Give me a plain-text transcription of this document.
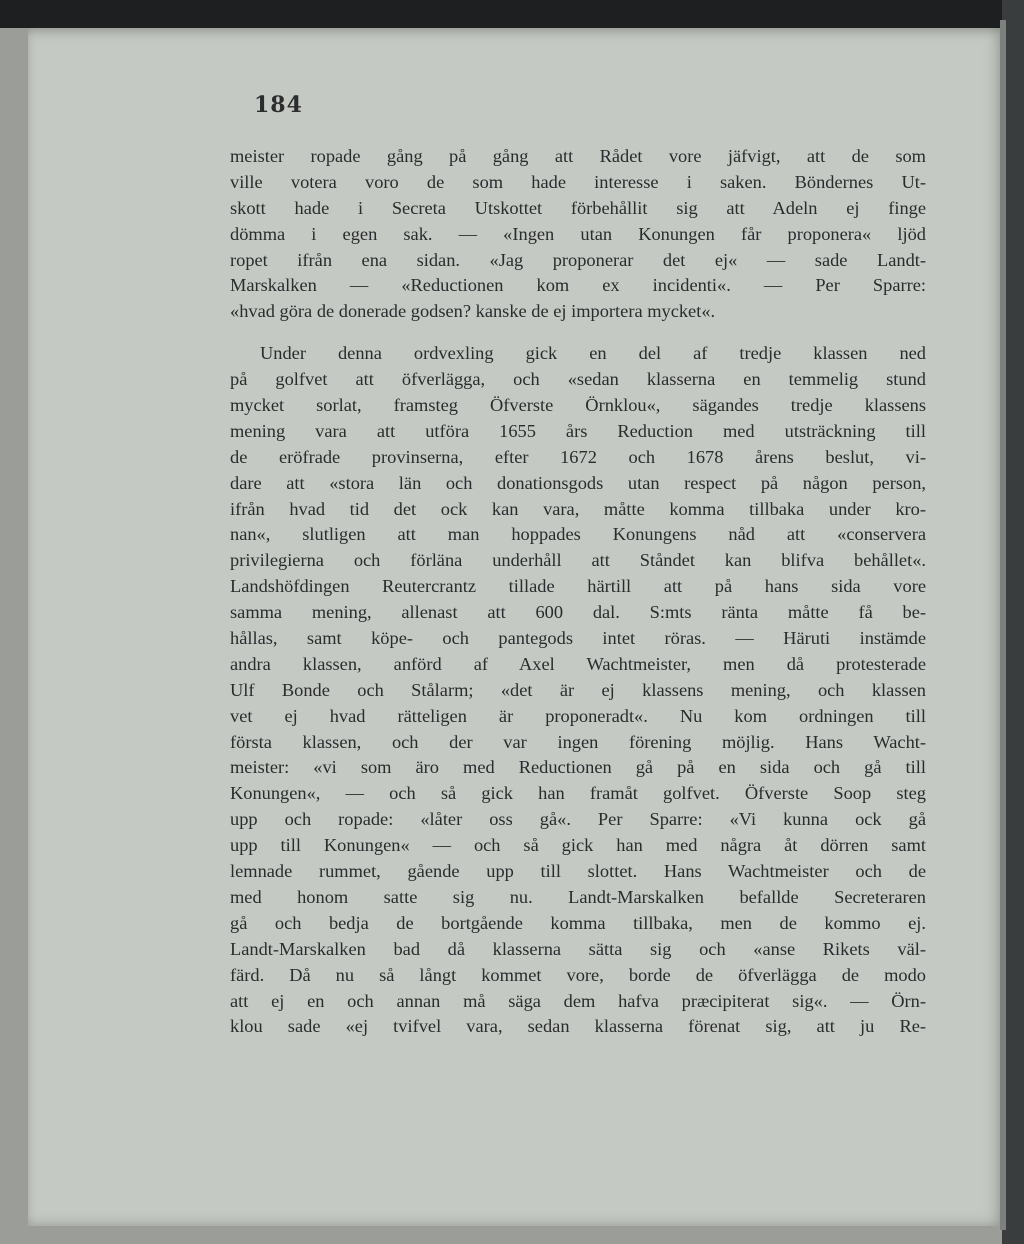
184
meister ropade gång på gång att Rådet vore jäfvigt, att de som
ville votera voro de som hade interesse i saken. Böndernes Ut-
skott hade i Secreta Utskottet förbehållit sig att Adeln ej finge
dömma i egen sak. — «Ingen utan Konungen får proponera« ljöd
ropet ifrån ena sidan. «Jag proponerar det ej« — sade Landt-
Marskalken — «Reductionen kom ex incidenti«. — Per Sparre:
«hvad göra de donerade godsen? kanske de ej importera mycket«.
Under denna ordvexling gick en del af tredje klassen ned
på golfvet att öfverlägga, och «sedan klasserna en temmelig stund
mycket sorlat, framsteg Öfverste Örnklou«, sägandes tredje klassens
mening vara att utföra 1655 års Reduction med utsträckning till
de eröfrade provinserna, efter 1672 och 1678 årens beslut, vi-
dare att «stora län och donationsgods utan respect på någon person,
ifrån hvad tid det ock kan vara, måtte komma tillbaka under kro-
nan«, slutligen att man hoppades Konungens nåd att «conservera
privilegierna och förläna underhåll att Ståndet kan blifva behållet«.
Landshöfdingen Reutercrantz tillade härtill att på hans sida vore
samma mening, allenast att 600 dal. S:mts ränta måtte få be-
hållas, samt köpe- och pantegods intet röras. — Häruti instämde
andra klassen, anförd af Axel Wachtmeister, men då protesterade
Ulf Bonde och Stålarm; «det är ej klassens mening, och klassen
vet ej hvad rätteligen är proponeradt«. Nu kom ordningen till
första klassen, och der var ingen förening möjlig. Hans Wacht-
meister: «vi som äro med Reductionen gå på en sida och gå till
Konungen«, — och så gick han framåt golfvet. Öfverste Soop steg
upp och ropade: «låter oss gå«. Per Sparre: «Vi kunna ock gå
upp till Konungen« — och så gick han med några åt dörren samt
lemnade rummet, gående upp till slottet. Hans Wachtmeister och de
med honom satte sig nu. Landt-Marskalken befallde Secreteraren
gå och bedja de bortgående komma tillbaka, men de kommo ej.
Landt-Marskalken bad då klasserna sätta sig och «anse Rikets väl-
färd. Då nu så långt kommet vore, borde de öfverlägga de modo
att ej en och annan må säga dem hafva præcipiterat sig«. — Örn-
klou sade «ej tvifvel vara, sedan klasserna förenat sig, att ju Re-
